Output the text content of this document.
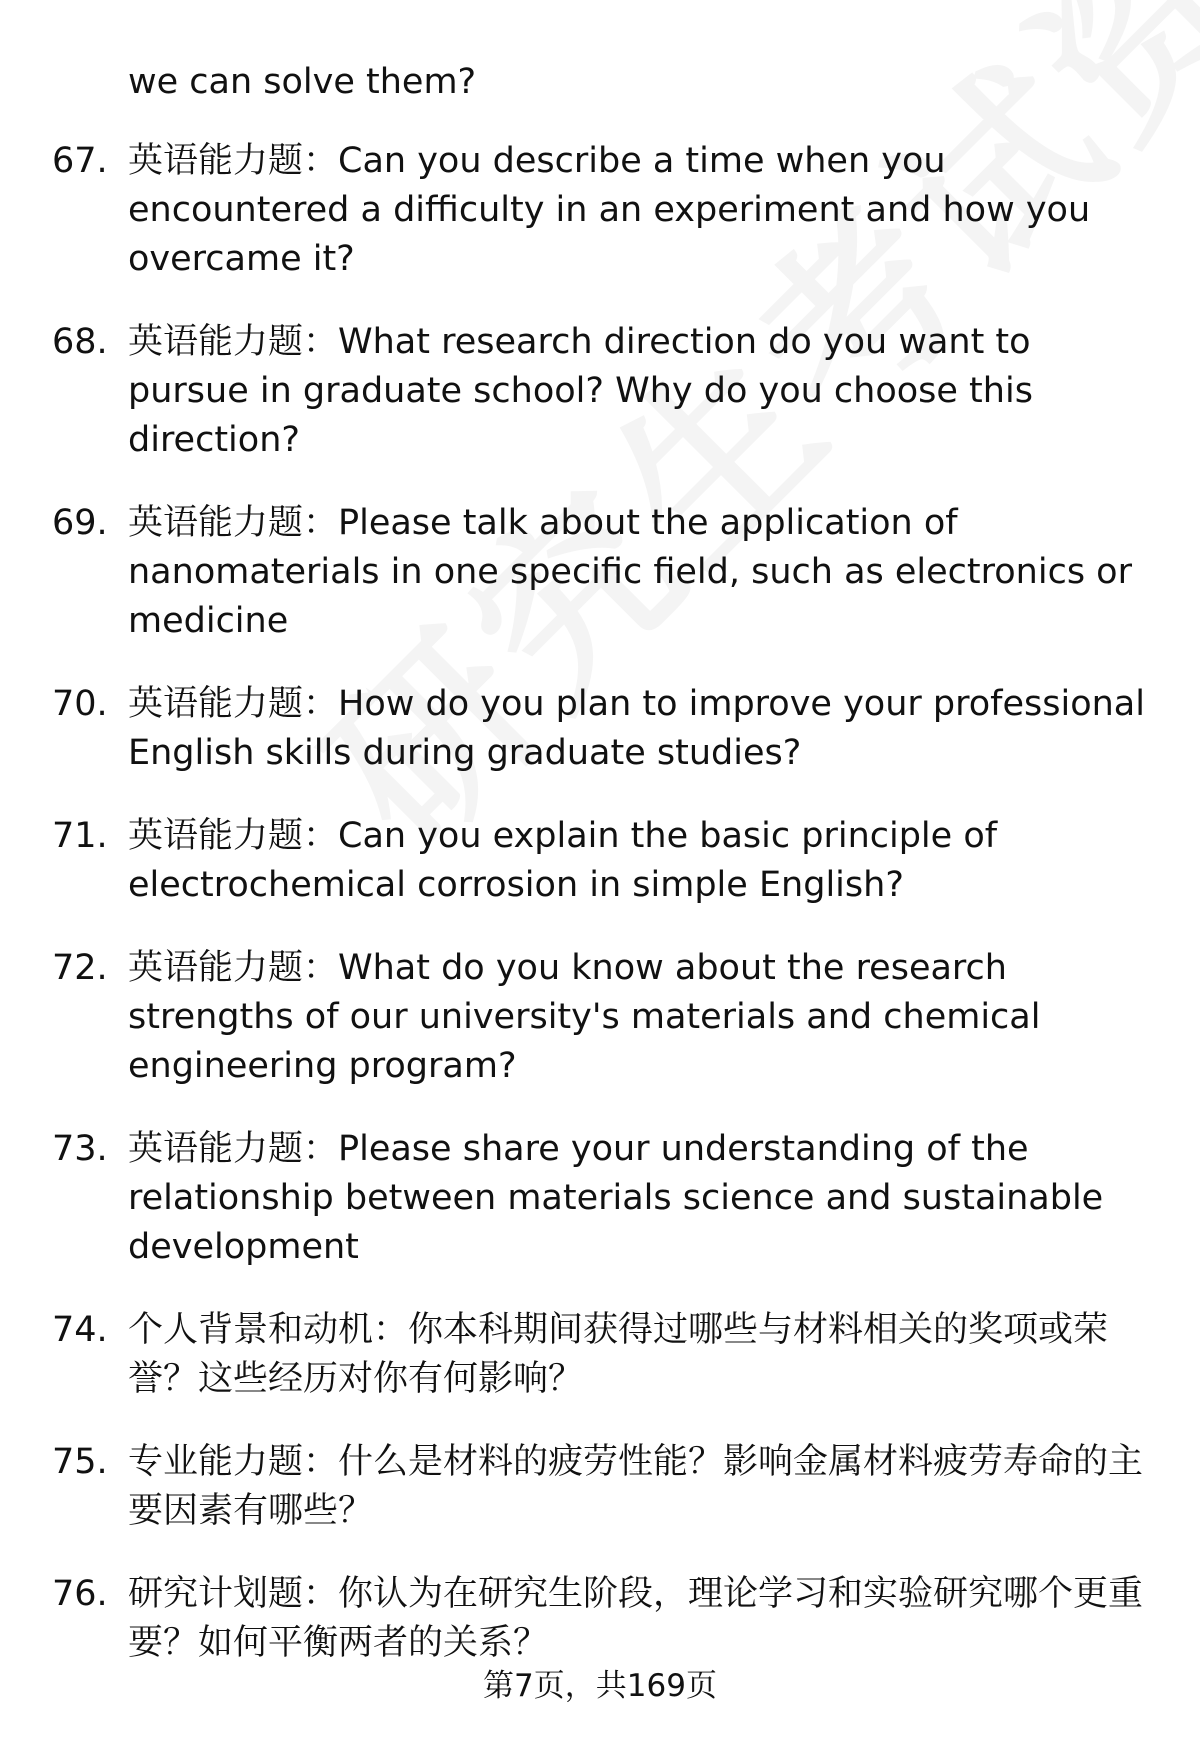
we can solve them?
67. 英语能力题：Can you describe a time when you encountered a difficulty in an experiment and how you overcame it?
68. 英语能力题：What research direction do you want to pursue in graduate school? Why do you choose this direction?
69. 英语能力题：Please talk about the application of nanomaterials in one specific field, such as electronics or medicine
70. 英语能力题：How do you plan to improve your professional English skills during graduate studies?
71. 英语能力题：Can you explain the basic principle of electrochemical corrosion in simple English?
72. 英语能力题：What do you know about the research strengths of our university's materials and chemical engineering program?
73. 英语能力题：Please share your understanding of the relationship between materials science and sustainable development
74. 个人背景和动机：你本科期间获得过哪些与材料相关的奖项或荣誉？这些经历对你有何影响？
75. 专业能力题：什么是材料的疲劳性能？影响金属材料疲劳寿命的主要因素有哪些？
76. 研究计划题：你认为在研究生阶段，理论学习和实验研究哪个更重要？如何平衡两者的关系？
第7页，共169页
